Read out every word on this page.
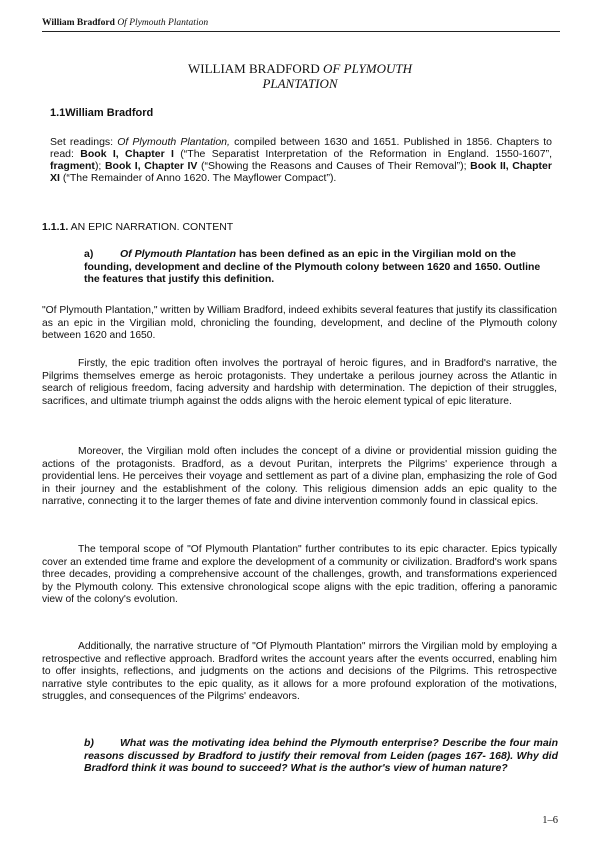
William Bradford Of Plymouth Plantation
WILLIAM BRADFORD OF PLYMOUTH
PLANTATION
1.1William Bradford
Set readings: Of Plymouth Plantation, compiled between 1630 and 1651. Published in 1856. Chapters to read: Book I, Chapter I (“The Separatist Interpretation of the Reformation in England. 1550-1607”, fragment); Book I, Chapter IV (“Showing the Reasons and Causes of Their Removal”); Book II, Chapter XI (“The Remainder of Anno 1620. The Mayflower Compact”).
1.1.1. AN EPIC NARRATION. CONTENT
a)	Of Plymouth Plantation has been defined as an epic in the Virgilian mold on the founding, development and decline of the Plymouth colony between 1620 and 1650. Outline the features that justify this definition.

"Of Plymouth Plantation," written by William Bradford, indeed exhibits several features that justify its classification as an epic in the Virgilian mold, chronicling the founding, development, and decline of the Plymouth colony between 1620 and 1650.

Firstly, the epic tradition often involves the portrayal of heroic figures, and in Bradford's narrative, the Pilgrims themselves emerge as heroic protagonists. They undertake a perilous journey across the Atlantic in search of religious freedom, facing adversity and hardship with determination. The depiction of their struggles, sacrifices, and ultimate triumph against the odds aligns with the heroic element typical of epic literature.

Moreover, the Virgilian mold often includes the concept of a divine or providential mission guiding the actions of the protagonists. Bradford, as a devout Puritan, interprets the Pilgrims' experience through a providential lens. He perceives their voyage and settlement as part of a divine plan, emphasizing the role of God in their journey and the establishment of the colony. This religious dimension adds an epic quality to the narrative, connecting it to the larger themes of fate and divine intervention commonly found in classical epics.

The temporal scope of "Of Plymouth Plantation" further contributes to its epic character. Epics typically cover an extended time frame and explore the development of a community or civilization. Bradford's work spans three decades, providing a comprehensive account of the challenges, growth, and transformations experienced by the Plymouth colony. This extensive chronological scope aligns with the epic tradition, offering a panoramic view of the colony's evolution.

Additionally, the narrative structure of "Of Plymouth Plantation" mirrors the Virgilian mold by employing a retrospective and reflective approach. Bradford writes the account years after the events occurred, enabling him to offer insights, reflections, and judgments on the actions and decisions of the Pilgrims. This retrospective narrative style contributes to the epic quality, as it allows for a more profound exploration of the motivations, struggles, and consequences of the Pilgrims' endeavors.

b) What was the motivating idea behind the Plymouth enterprise? Describe the four main reasons discussed by Bradford to justify their removal from Leiden (pages 167- 168). Why did Bradford think it was bound to succeed? What is the author's view of human nature?
1–6
